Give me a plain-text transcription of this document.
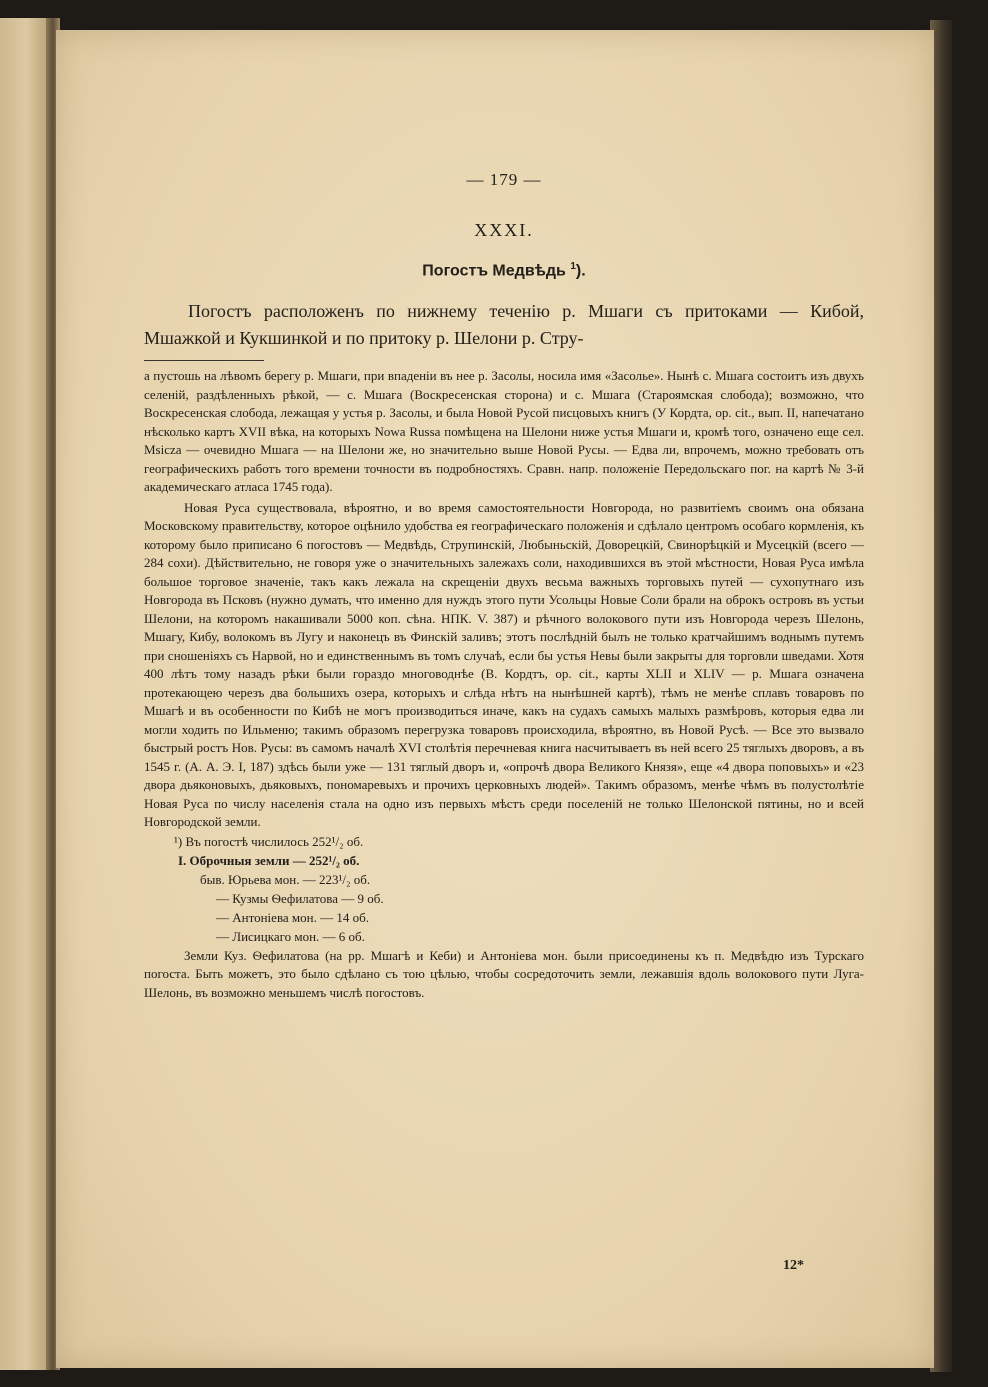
— 179 —

XXXI.

Погостъ Медвѣдь $^1$).

Погостъ расположенъ по нижнему теченію р. Мшаги съ притоками — Кибой, Мшажкой и Кукшинкой и по притоку р. Шелони р. Стру-

а пустошь на лѣвомъ берегу р. Мшаги, при впаденіи въ нее р. Засолы, носила имя «Засолье». Нынѣ с. Мшага состоитъ изъ двухъ селеній, раздѣленныхъ рѣкой, — с. Мшага (Воскресенская сторона) и с. Мшага (Староямская слобода); возможно, что Воскресенская слобода, лежащая у устья р. Засолы, и была Новой Русой писцовыхъ книгъ (У Кордта, op. cit., вып. II, напечатано нѣсколько картъ XVII вѣка, на которыхъ Nowa Russa помѣщена на Шелони ниже устья Мшаги и, кромѣ того, означено еще сел. Msicza — очевидно Мшага — на Шелони же, но значительно выше Новой Русы. — Едва ли, впрочемъ, можно требовать отъ географическихъ работъ того времени точности въ подробностяхъ. Сравн. напр. положеніе Передольскаго пог. на картѣ № 3-й академическаго атласа 1745 года).

Новая Руса существовала, вѣроятно, и во время самостоятельности Новгорода, но развитіемъ своимъ она обязана Московскому правительству, которое оцѣнило удобства ея географическаго положенія и сдѣлало центромъ особаго кормленія, къ которому было приписано 6 погостовъ — Медвѣдь, Струпинскій, Любыньскій, Доворецкій, Свинорѣцкій и Мусецкій (всего — 284 сохи). Дѣйствительно, не говоря уже о значительныхъ залежахъ соли, находившихся въ этой мѣстности, Новая Руса имѣла большое торговое значеніе, такъ какъ лежала на скрещеніи двухъ весьма важныхъ торговыхъ путей — сухопутнаго изъ Новгорода въ Псковъ (нужно думать, что именно для нуждъ этого пути Усольцы Новые Соли брали на оброкъ островъ въ устьи Шелони, на которомъ накашивали 5000 коп. сѣна. НПК. V. 387) и рѣчного волокового пути изъ Новгорода черезъ Шелонь, Мшагу, Кибу, волокомъ въ Лугу и наконецъ въ Финскій заливъ; этотъ послѣдній былъ не только кратчайшимъ воднымъ путемъ при сношеніяхъ съ Нарвой, но и единственнымъ въ томъ случаѣ, если бы устья Невы были закрыты для торговли шведами. Хотя 400 лѣтъ тому назадъ рѣки были гораздо многоводнѣе (В. Кордтъ, op. cit., карты XLII и XLIV — р. Мшага означена протекающею черезъ два большихъ озера, которыхъ и слѣда нѣтъ на нынѣшней картѣ), тѣмъ не менѣе сплавъ товаровъ по Мшагѣ и въ особенности по Кибѣ не могъ производиться иначе, какъ на судахъ самыхъ малыхъ размѣровъ, которыя едва ли могли ходить по Ильменю; такимъ образомъ перегрузка товаровъ происходила, вѣроятно, въ Новой Русѣ. — Все это вызвало быстрый ростъ Нов. Русы: въ самомъ началѣ XVI столѣтія перечневая книга насчитываетъ въ ней всего 25 тяглыхъ дворовъ, а въ 1545 г. (А. А. Э. I, 187) здѣсь были уже — 131 тяглый дворъ и, «опрочѣ двора Великого Князя», еще «4 двора поповыхъ» и «23 двора дьяконовыхъ, дьяковыхъ, пономаревыхъ и прочихъ церковныхъ людей». Такимъ образомъ, менѣе чѣмъ въ полустолѣтіе Новая Руса по числу населенія стала на одно изъ первыхъ мѣстъ среди поселеній не только Шелонской пятины, но и всей Новгородской земли.

¹) Въ погостѣ числилось 252¹/₂ об.
I. Оброчныя земли — 252¹/₂ об.
быв. Юрьева мон. — 223¹/₂ об.
— Кузмы Ѳефилатова — 9 об.
— Антоніева мон. — 14 об.
— Лисицкаго мон. — 6 об.

Земли Куз. Ѳефилатова (на рр. Мшагѣ и Кеби) и Антоніева мон. были присоединены къ п. Медвѣдю изъ Турскаго погоста. Быть можетъ, это было сдѣлано съ тою цѣлью, чтобы сосредоточить земли, лежавшія вдоль волокового пути Луга-Шелонь, въ возможно меньшемъ числѣ погостовъ.

12*
